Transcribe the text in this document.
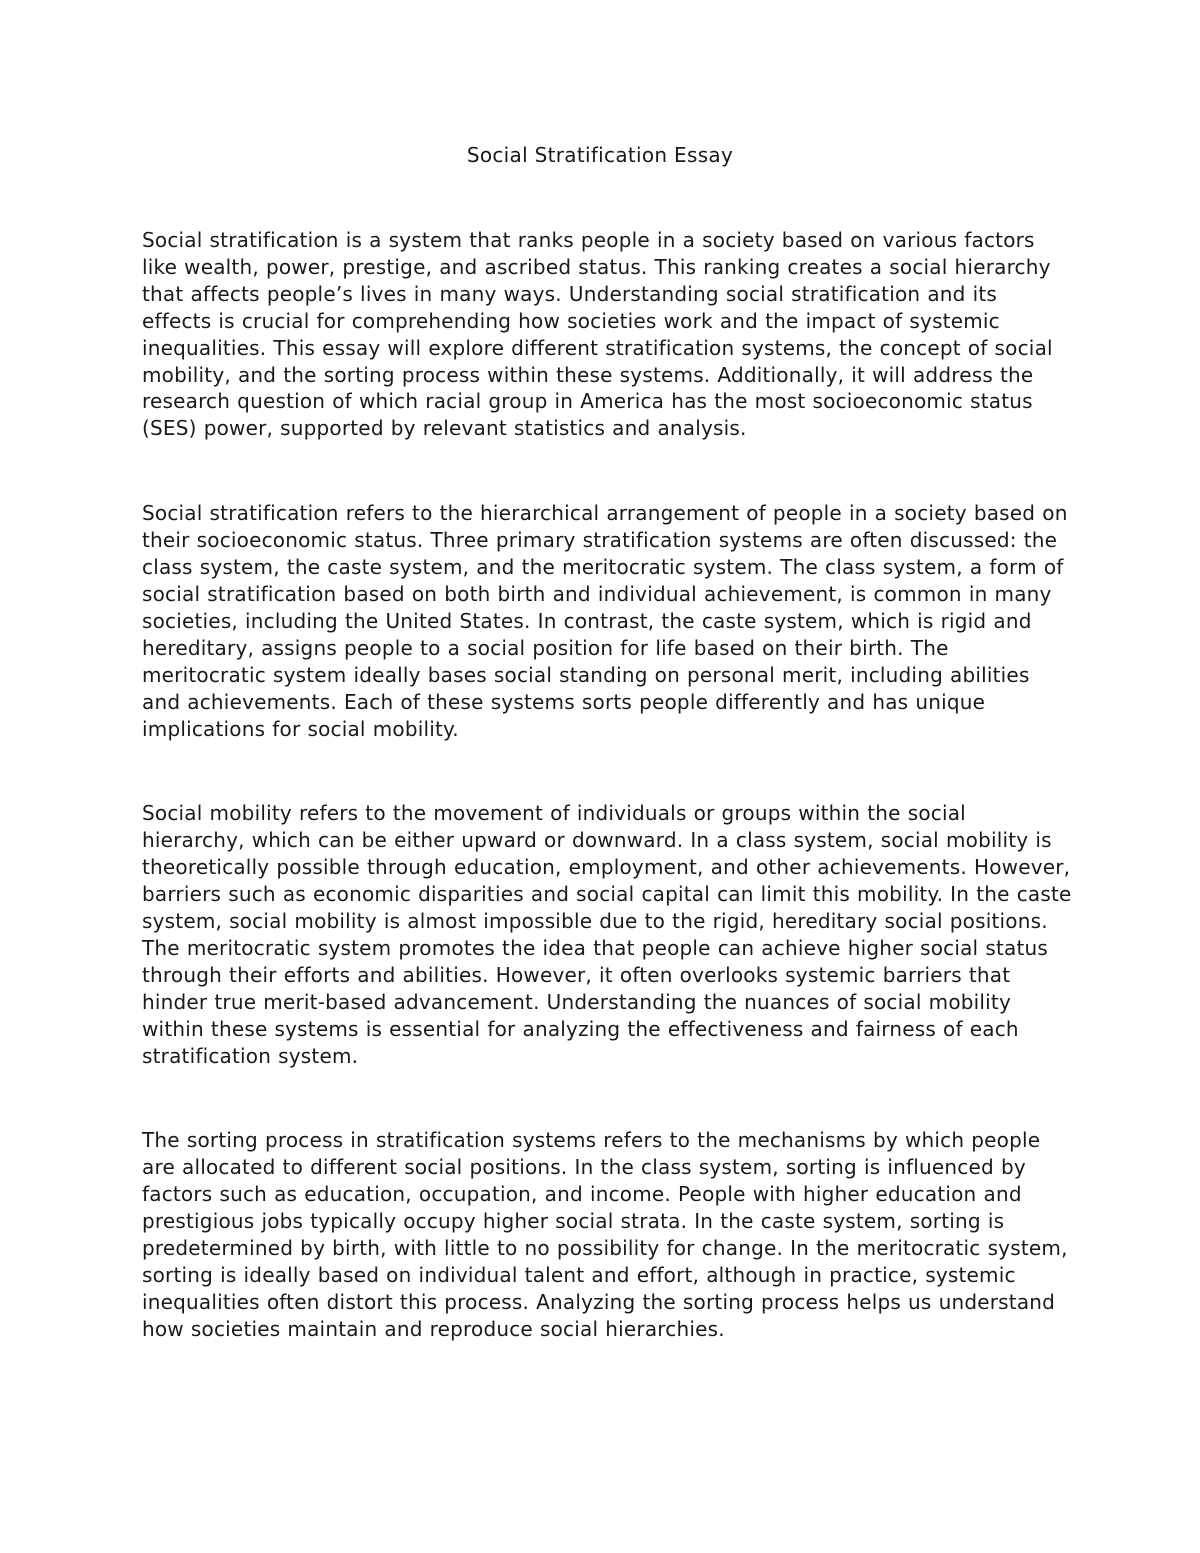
Social Stratification Essay

Social stratification is a system that ranks people in a society based on various factors like wealth, power, prestige, and ascribed status. This ranking creates a social hierarchy that affects people’s lives in many ways. Understanding social stratification and its effects is crucial for comprehending how societies work and the impact of systemic inequalities. This essay will explore different stratification systems, the concept of social mobility, and the sorting process within these systems. Additionally, it will address the research question of which racial group in America has the most socioeconomic status (SES) power, supported by relevant statistics and analysis.

Social stratification refers to the hierarchical arrangement of people in a society based on their socioeconomic status. Three primary stratification systems are often discussed: the class system, the caste system, and the meritocratic system. The class system, a form of social stratification based on both birth and individual achievement, is common in many societies, including the United States. In contrast, the caste system, which is rigid and hereditary, assigns people to a social position for life based on their birth. The meritocratic system ideally bases social standing on personal merit, including abilities and achievements. Each of these systems sorts people differently and has unique implications for social mobility.

Social mobility refers to the movement of individuals or groups within the social hierarchy, which can be either upward or downward. In a class system, social mobility is theoretically possible through education, employment, and other achievements. However, barriers such as economic disparities and social capital can limit this mobility. In the caste system, social mobility is almost impossible due to the rigid, hereditary social positions. The meritocratic system promotes the idea that people can achieve higher social status through their efforts and abilities. However, it often overlooks systemic barriers that hinder true merit-based advancement. Understanding the nuances of social mobility within these systems is essential for analyzing the effectiveness and fairness of each stratification system.

The sorting process in stratification systems refers to the mechanisms by which people are allocated to different social positions. In the class system, sorting is influenced by factors such as education, occupation, and income. People with higher education and prestigious jobs typically occupy higher social strata. In the caste system, sorting is predetermined by birth, with little to no possibility for change. In the meritocratic system, sorting is ideally based on individual talent and effort, although in practice, systemic inequalities often distort this process. Analyzing the sorting process helps us understand how societies maintain and reproduce social hierarchies.
